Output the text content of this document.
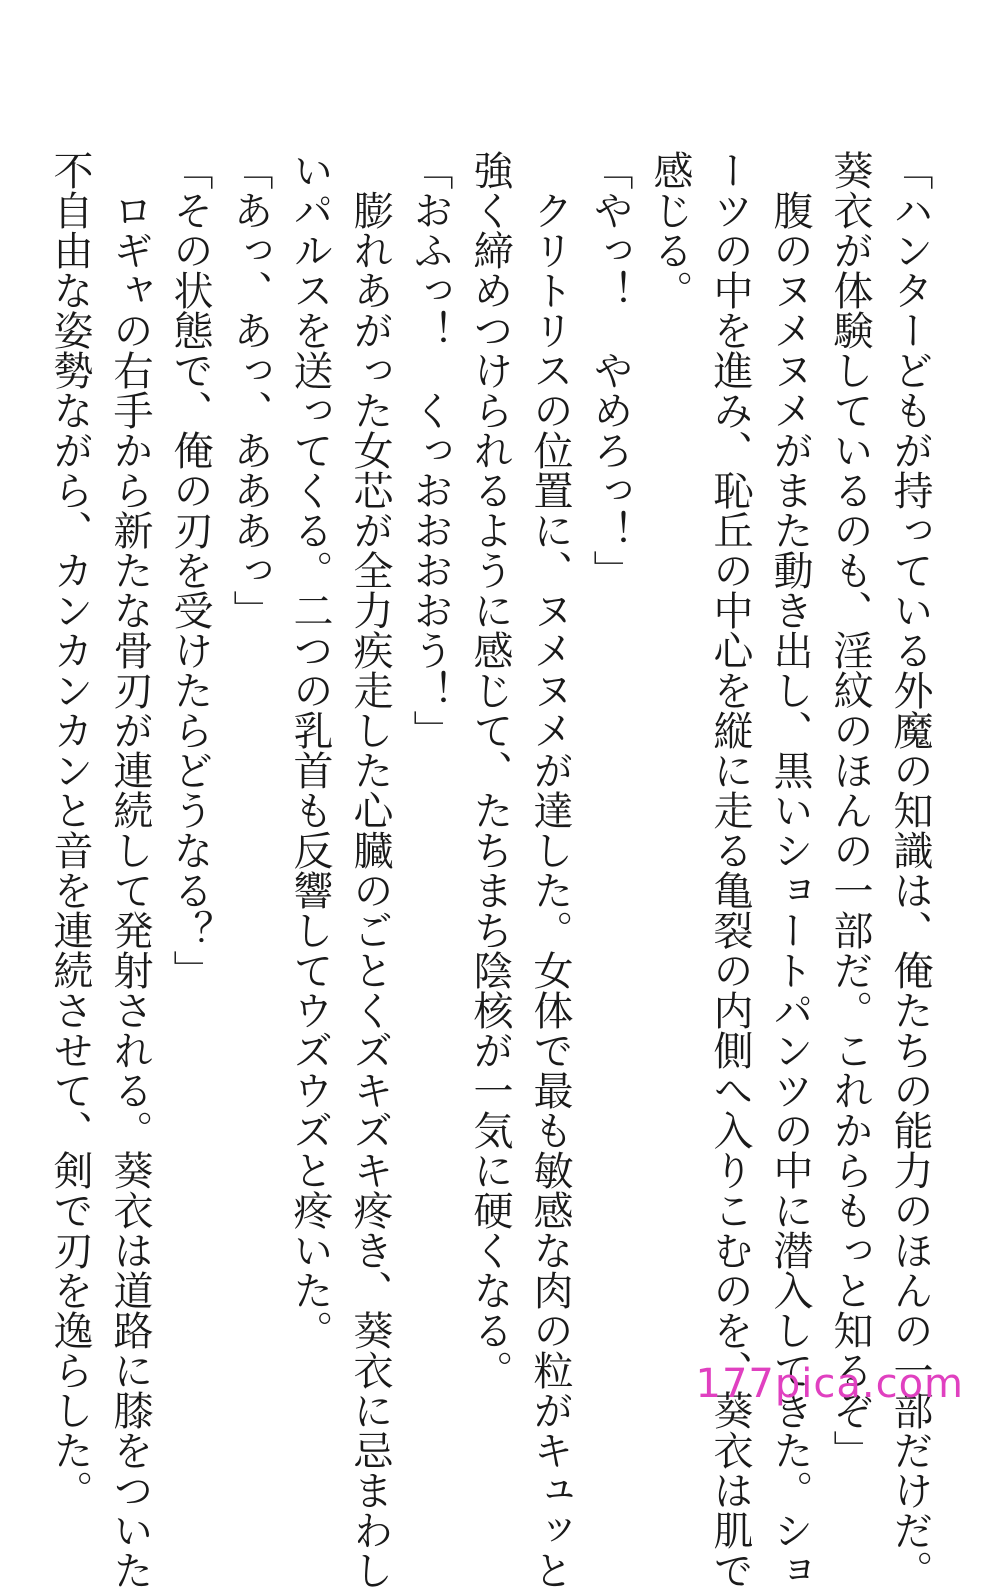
「ハンターどもが持っている外魔の知識は、俺たちの能力のほんの一部だけだ。
葵衣が体験しているのも、淫紋のほんの一部だ。これからもっと知るぞ」
　腹のヌメヌメがまた動き出し、黒いショートパンツの中に潜入してきた。ショ
ーツの中を進み、恥丘の中心を縦に走る亀裂の内側へ入りこむのを、葵衣は肌で
感じる。
「やっ！　やめろっ！」
　クリトリスの位置に、ヌメヌメが達した。女体で最も敏感な肉の粒がキュッと
強く締めつけられるように感じて、たちまち陰核が一気に硬くなる。
「おふっ！　くっおおおおう！」
　膨れあがった女芯が全力疾走した心臓のごとくズキズキ疼き、葵衣に忌まわし
いパルスを送ってくる。二つの乳首も反響してウズウズと疼いた。
「あっ、あっ、あああっ」
「その状態で、俺の刃を受けたらどうなる？」
　ロギャの右手から新たな骨刃が連続して発射される。葵衣は道路に膝をついた
不自由な姿勢ながら、カンカンカンと音を連続させて、剣で刃を逸らした。	177pica.com
